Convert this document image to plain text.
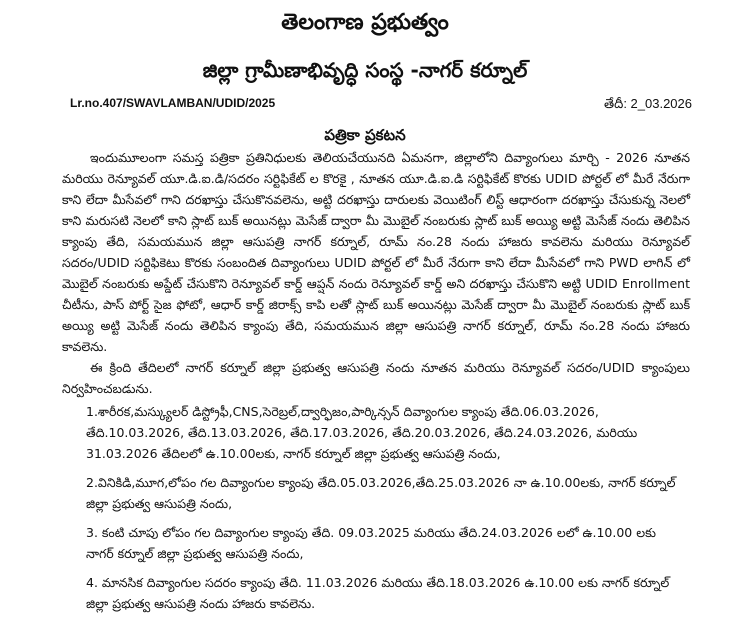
తెలంగాణ ప్రభుత్వం
జిల్లా గ్రామీణాభివృద్ధి సంస్థ -నాగర్ కర్నూల్
Lr.no.407/SWAVLAMBAN/UDID/2025	తేదీ: 2_03.2026
పత్రికా ప్రకటన

ఇందుమూలంగా సమస్త పత్రికా ప్రతినిధులకు తెలియచేయునది ఏమనగా, జిల్లాలోని దివ్యాంగులు మార్చి - 2026 నూతన మరియు రెన్యూవల్ యూ.డి.ఐ.డి/సదరం సర్టిఫికేట్ ల కొరకై , నూతన యూ.డి.ఐ.డి సర్టిఫికేట్ కొరకు UDID పోర్టల్ లో మీరే నేరుగా కాని లేదా మీసేవలో గాని దరఖాస్తు చేసుకొనవలెను, అట్టి దరఖాస్తు దారులకు వెయిటింగ్ లిస్ట్ ఆధారంగా దరఖాస్తు చేసుకున్న నెలలో కాని మరుసటి నెలలో కాని స్లాట్ బుక్ అయినట్లు మెసేజ్ ద్వారా మీ మొబైల్ నంబరుకు స్లాట్ బుక్ అయ్యి అట్టి మెసేజ్ నందు తెలిపిన క్యాంపు తేది, సమయమున జిల్లా ఆసుపత్రి నాగర్ కర్నూల్, రూమ్ నం.28 నందు హాజరు కావలెను మరియు రెన్యూవల్ సదరం/UDID సర్టిఫికెటు కొరకు సంబందిత దివ్యాంగులు UDID పోర్టల్ లో మీరే నేరుగా కాని లేదా మీసేవలో గాని PWD లాగిన్ లో మొబైల్ నంబరుకు అప్డేట్ చేసుకొని రెన్యూవల్ కార్డ్ ఆప్షన్ నందు రెన్యూవల్ కార్డ్ అని దరఖాస్తు చేసుకొని అట్టి UDID Enrollment చీటీను, పాస్ పోర్ట్ సైజ ఫోటో, ఆధార్ కార్డ్ జిరాక్స్ కాపి లతో స్లాట్ బుక్ అయినట్లు మెసేజ్ ద్వారా మీ మొబైల్ నంబరుకు స్లాట్ బుక్ అయ్యి అట్టి మెసేజ్ నందు తెలిపిన క్యాంపు తేది, సమయమున జిల్లా ఆసుపత్రి నాగర్ కర్నూల్, రూమ్ నం.28 నందు హాజరు కావలెను.

ఈ క్రింది తేదిలలో నాగర్ కర్నూల్ జిల్లా ప్రభుత్వ ఆసుపత్రి నందు నూతన మరియు రెన్యూవల్ సదరం/UDID క్యాంపులు నిర్వహించబడును.

1.శారీరక,మస్క్యులర్ డిస్ట్రోఫీ,CNS,సెరెబ్రల్,ద్వార్ఫిజం,పార్కిన్సన్ దివ్యాంగుల క్యాంపు తేది.06.03.2026, తేది.10.03.2026, తేది.13.03.2026, తేది.17.03.2026, తేది.20.03.2026, తేది.24.03.2026, మరియు 31.03.2026 తేదిలలో ఉ.10.00లకు, నాగర్ కర్నూల్ జిల్లా ప్రభుత్వ ఆసుపత్రి నందు,
2.వినికిడి,మూగ,లోపం గల దివ్యాంగుల క్యాంపు తేది.05.03.2026,తేది.25.03.2026 నా ఉ.10.00లకు, నాగర్ కర్నూల్ జిల్లా ప్రభుత్వ ఆసుపత్రి నందు,
3. కంటి చూపు లోపం గల దివ్యాంగుల క్యాంపు తేది. 09.03.2025 మరియు తేది.24.03.2026 లలో ఉ.10.00 లకు నాగర్ కర్నూల్ జిల్లా ప్రభుత్వ ఆసుపత్రి నందు,
4. మానసిక దివ్యాంగుల సదరం క్యాంపు తేది. 11.03.2026 మరియు తేది.18.03.2026 ఉ.10.00 లకు నాగర్ కర్నూల్ జిల్లా ప్రభుత్వ ఆసుపత్రి నందు హాజరు కావలెను.
